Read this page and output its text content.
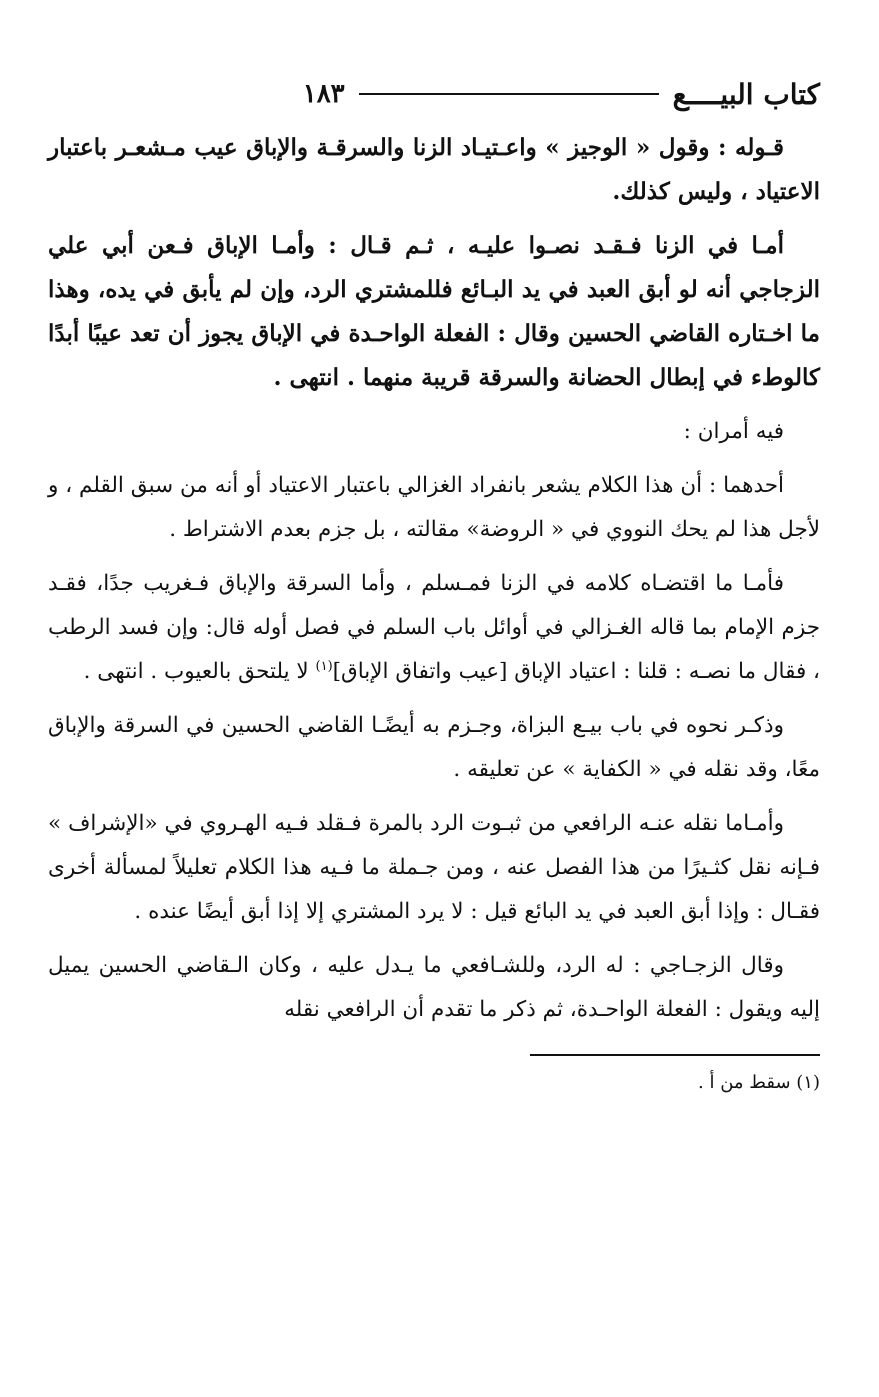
كتاب البيــــع
١٨٣

قـوله : وقول « الوجيز » واعـتيـاد الزنا والسرقـة والإباق عيب مـشعـر باعتبار الاعتياد ، وليس كذلك.

أمـا في الزنا فـقـد نصـوا عليـه ، ثـم قـال : وأمـا الإباق فـعن أبي علي الزجاجي أنه لو أبق العبد في يد البـائع فللمشتري الرد، وإن لم يأبق في يده، وهذا ما اخـتاره القاضي الحسين وقال : الفعلة الواحـدة في الإباق يجوز أن تعد عيبًا أبدًا كالوطء في إبطال الحضانة والسرقة قريبة منهما . انتهى .

فيه أمران :

أحدهما : أن هذا الكلام يشعر بانفراد الغزالي باعتبار الاعتياد أو أنه من سبق القلم ، و لأجل هذا لم يحك النووي في « الروضة» مقالته ، بل جزم بعدم الاشتراط .

فأمـا ما اقتضـاه كلامه في الزنا فمـسلم ، وأما السرقة والإباق فـغريب جدًا، فقـد جزم الإمام بما قاله الغـزالي في أوائل باب السلم في فصل أوله قال: وإن فسد الرطب ، فقال ما نصـه : قلنا : اعتياد الإباق [عيب واتفاق الإباق]$^{(١)}$ لا يلتحق بالعيوب . انتهى .

وذكـر نحوه في باب بيـع البزاة، وجـزم به أيضًـا القاضي الحسين في السرقة والإباق معًا، وقد نقله في « الكفاية » عن تعليقه .

وأمـاما نقله عنـه الرافعي من ثبـوت الرد بالمرة فـقلد فـيه الهـروي في «الإشراف » فـإنه نقل كثـيرًا من هذا الفصل عنه ، ومن جـملة ما فـيه هذا الكلام تعليلاً لمسألة أخرى فقـال : وإذا أبق العبد في يد البائع قيل : لا يرد المشتري إلا إذا أبق أيضًا عنده .

وقال الزجـاجي : له الرد، وللشـافعي ما يـدل عليه ، وكان الـقاضي الحسين يميل إليه ويقول : الفعلة الواحـدة، ثم ذكر ما تقدم أن الرافعي نقله

(١) سقط من أ .
